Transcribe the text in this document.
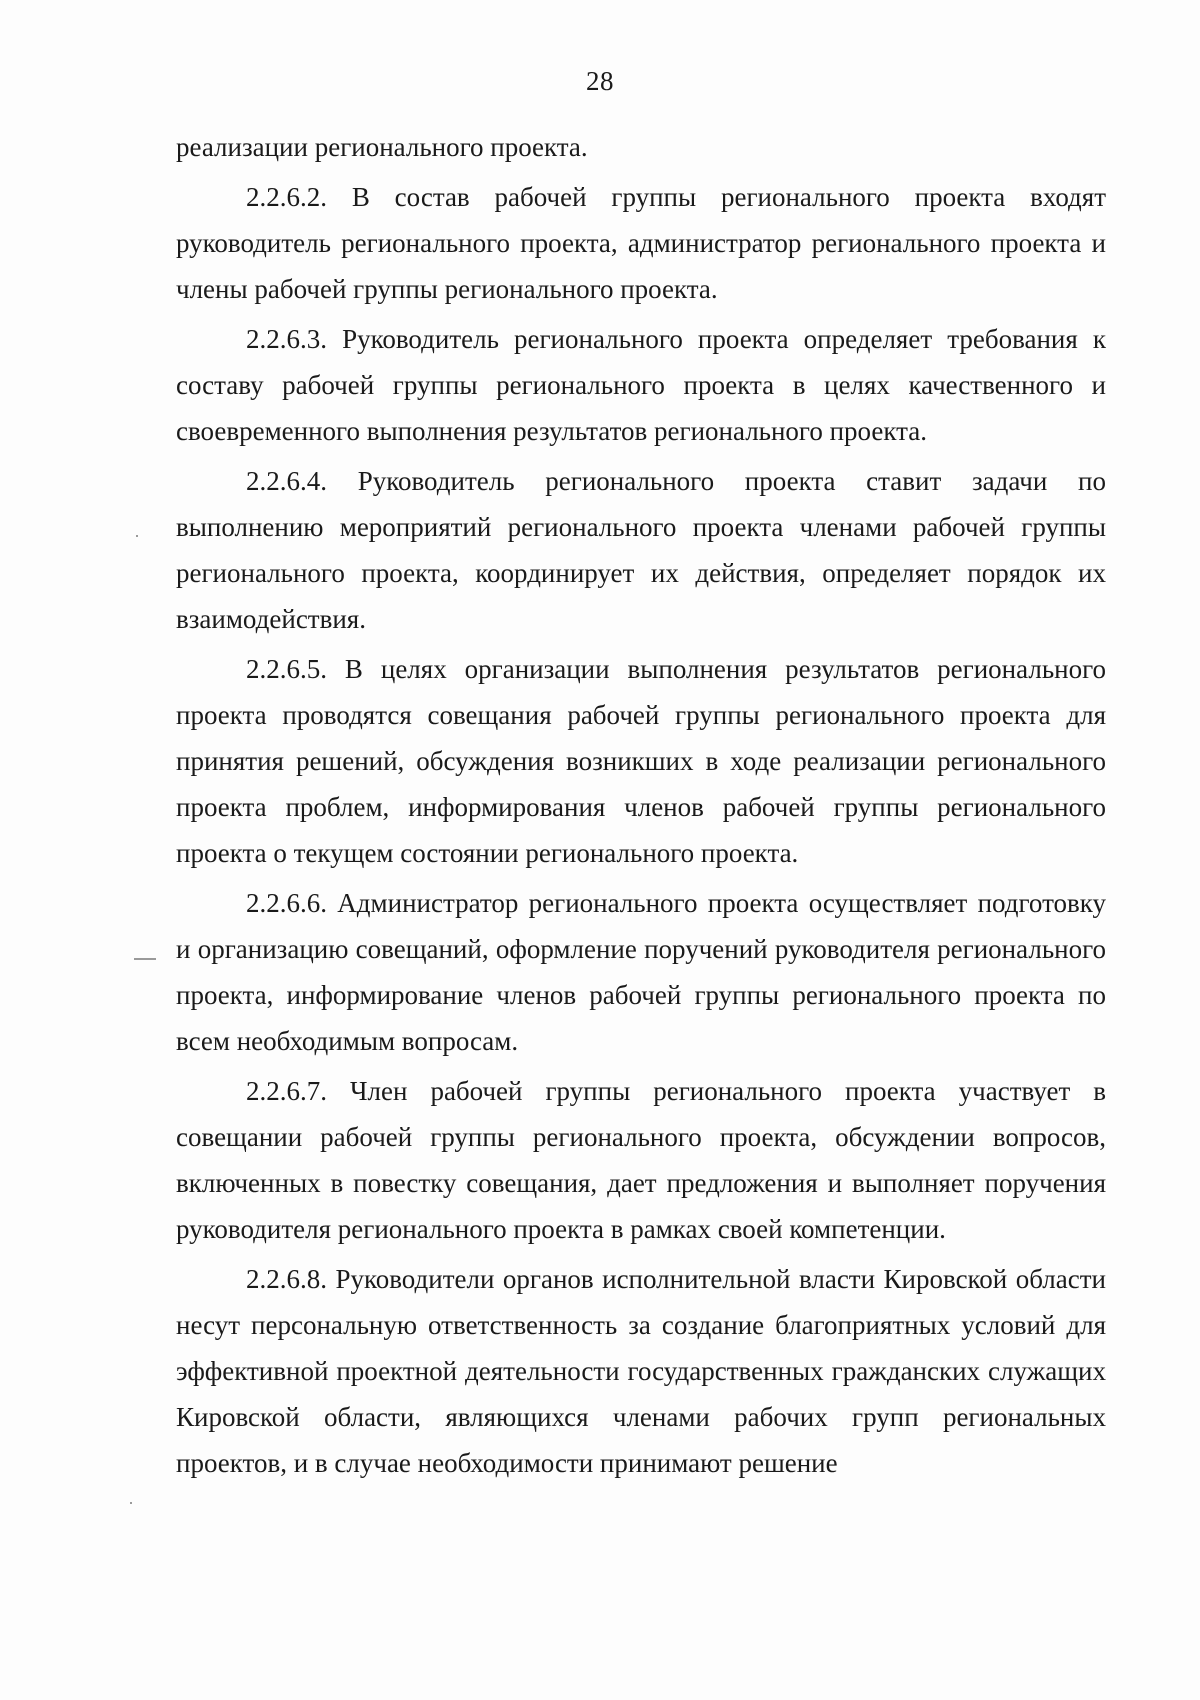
28

реализации регионального проекта.

2.2.6.2. В состав рабочей группы регионального проекта входят руководитель регионального проекта, администратор регионального проекта и члены рабочей группы регионального проекта.

2.2.6.3. Руководитель регионального проекта определяет требования к составу рабочей группы регионального проекта в целях качественного и своевременного выполнения результатов регионального проекта.

2.2.6.4. Руководитель регионального проекта ставит задачи по выполнению мероприятий регионального проекта членами рабочей группы регионального проекта, координирует их действия, определяет порядок их взаимодействия.

2.2.6.5. В целях организации выполнения результатов регионального проекта проводятся совещания рабочей группы регионального проекта для принятия решений, обсуждения возникших в ходе реализации регионального проекта проблем, информирования членов рабочей группы регионального проекта о текущем состоянии регионального проекта.

2.2.6.6. Администратор регионального проекта осуществляет подготовку и организацию совещаний, оформление поручений руководителя регионального проекта, информирование членов рабочей группы регионального проекта по всем необходимым вопросам.

2.2.6.7. Член рабочей группы регионального проекта участвует в совещании рабочей группы регионального проекта, обсуждении вопросов, включенных в повестку совещания, дает предложения и выполняет поручения руководителя регионального проекта в рамках своей компетенции.

2.2.6.8. Руководители органов исполнительной власти Кировской области несут персональную ответственность за создание благоприятных условий для эффективной проектной деятельности государственных гражданских служащих Кировской области, являющихся членами рабочих групп региональных проектов, и в случае необходимости принимают решение
